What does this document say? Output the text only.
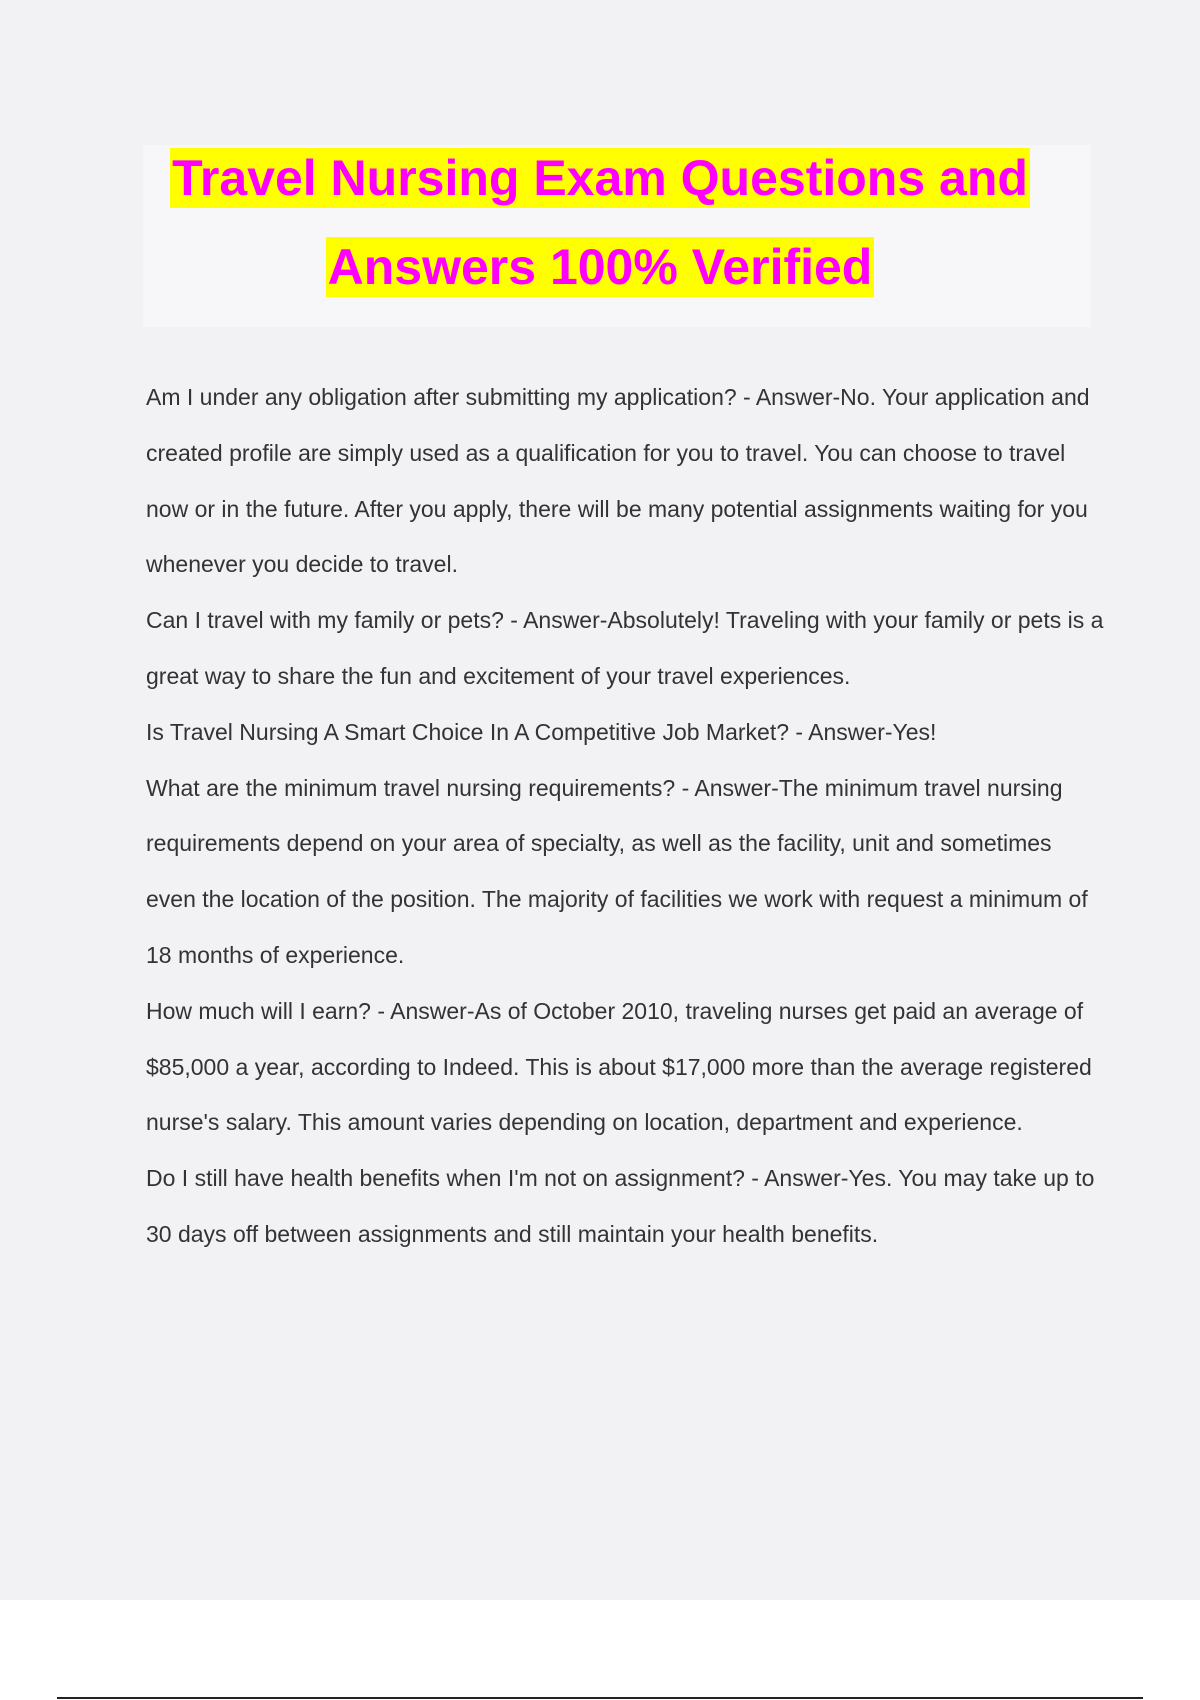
Travel Nursing Exam Questions and
Answers 100% Verified

Am I under any obligation after submitting my application? - Answer-No. Your application and created profile are simply used as a qualification for you to travel. You can choose to travel now or in the future. After you apply, there will be many potential assignments waiting for you whenever you decide to travel.

Can I travel with my family or pets? - Answer-Absolutely! Traveling with your family or pets is a great way to share the fun and excitement of your travel experiences.

Is Travel Nursing A Smart Choice In A Competitive Job Market? - Answer-Yes!

What are the minimum travel nursing requirements? - Answer-The minimum travel nursing requirements depend on your area of specialty, as well as the facility, unit and sometimes even the location of the position. The majority of facilities we work with request a minimum of 18 months of experience.

How much will I earn? - Answer-As of October 2010, traveling nurses get paid an average of $85,000 a year, according to Indeed. This is about $17,000 more than the average registered nurse's salary. This amount varies depending on location, department and experience.

Do I still have health benefits when I'm not on assignment? - Answer-Yes. You may take up to 30 days off between assignments and still maintain your health benefits.
